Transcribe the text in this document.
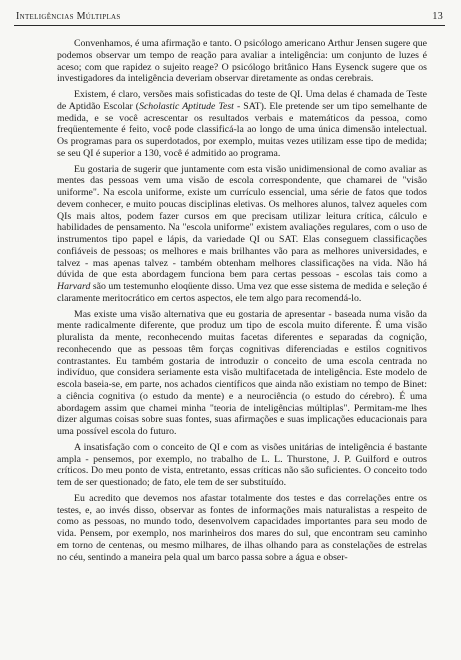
Inteligências Múltiplas	13

Convenhamos, é uma afirmação e tanto. O psicólogo americano Arthur Jensen sugere que podemos observar um tempo de reação para avaliar a inteligência: um conjunto de luzes é aceso; com que rapidez o sujeito reage? O psicólogo britânico Hans Eysenck sugere que os investigadores da inteligência deveriam observar diretamente as ondas cerebrais.

Existem, é claro, versões mais sofisticadas do teste de QI. Uma delas é chamada de Teste de Aptidão Escolar (Scholastic Aptitude Test - SAT). Ele pretende ser um tipo semelhante de medida, e se você acrescentar os resultados verbais e matemáticos da pessoa, como freqüentemente é feito, você pode classificá-la ao longo de uma única dimensão intelectual. Os programas para os superdotados, por exemplo, muitas vezes utilizam esse tipo de medida; se seu QI é superior a 130, você é admitido ao programa.

Eu gostaria de sugerir que juntamente com esta visão unidimensional de como avaliar as mentes das pessoas vem uma visão de escola correspondente, que chamarei de "visão uniforme". Na escola uniforme, existe um currículo essencial, uma série de fatos que todos devem conhecer, e muito poucas disciplinas eletivas. Os melhores alunos, talvez aqueles com QIs mais altos, podem fazer cursos em que precisam utilizar leitura crítica, cálculo e habilidades de pensamento. Na "escola uniforme" existem avaliações regulares, com o uso de instrumentos tipo papel e lápis, da variedade QI ou SAT. Elas conseguem classificações confiáveis de pessoas; os melhores e mais brilhantes vão para as melhores universidades, e talvez - mas apenas talvez - também obtenham melhores classificações na vida. Não há dúvida de que esta abordagem funciona bem para certas pessoas - escolas tais como a Harvard são um testemunho eloqüente disso. Uma vez que esse sistema de medida e seleção é claramente meritocrático em certos aspectos, ele tem algo para recomendá-lo.

Mas existe uma visão alternativa que eu gostaria de apresentar - baseada numa visão da mente radicalmente diferente, que produz um tipo de escola muito diferente. É uma visão pluralista da mente, reconhecendo muitas facetas diferentes e separadas da cognição, reconhecendo que as pessoas têm forças cognitivas diferenciadas e estilos cognitivos contrastantes. Eu também gostaria de introduzir o conceito de uma escola centrada no indivíduo, que considera seriamente esta visão multifacetada de inteligência. Este modelo de escola baseia-se, em parte, nos achados científicos que ainda não existiam no tempo de Binet: a ciência cognitiva (o estudo da mente) e a neurociência (o estudo do cérebro). É uma abordagem assim que chamei minha "teoria de inteligências múltiplas". Permitam-me lhes dizer algumas coisas sobre suas fontes, suas afirmações e suas implicações educacionais para uma possível escola do futuro.

A insatisfação com o conceito de QI e com as visões unitárias de inteligência é bastante ampla - pensemos, por exemplo, no trabalho de L. L. Thurstone, J. P. Guilford e outros críticos. Do meu ponto de vista, entretanto, essas críticas não são suficientes. O conceito todo tem de ser questionado; de fato, ele tem de ser substituído.

Eu acredito que devemos nos afastar totalmente dos testes e das correlações entre os testes, e, ao invés disso, observar as fontes de informações mais naturalistas a respeito de como as pessoas, no mundo todo, desenvolvem capacidades importantes para seu modo de vida. Pensem, por exemplo, nos marinheiros dos mares do sul, que encontram seu caminho em torno de centenas, ou mesmo milhares, de ilhas olhando para as constelações de estrelas no céu, sentindo a maneira pela qual um barco passa sobre a água e obser-
